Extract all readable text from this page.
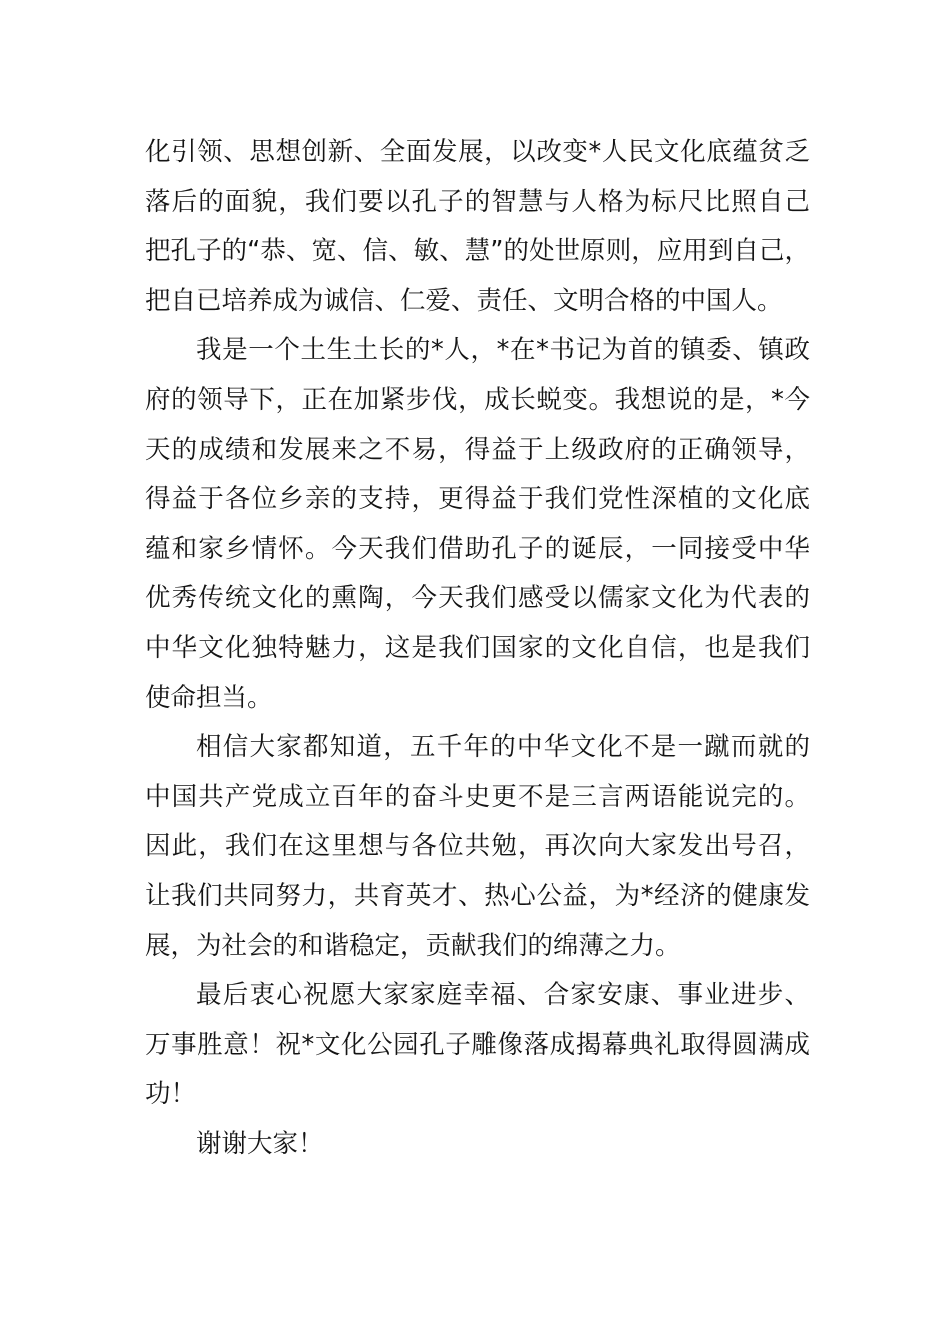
化引领、思想创新、全面发展，以改变*人民文化底蕴贫乏
落后的面貌，我们要以孔子的智慧与人格为标尺比照自己
把孔子的“恭、宽、信、敏、慧”的处世原则，应用到自己，
把自已培养成为诚信、仁爱、责任、文明合格的中国人。
我是一个土生土长的*人，*在*书记为首的镇委、镇政
府的领导下，正在加紧步伐，成长蜕变。我想说的是，*今
天的成绩和发展来之不易，得益于上级政府的正确领导，
得益于各位乡亲的支持，更得益于我们党性深植的文化底
蕴和家乡情怀。今天我们借助孔子的诞辰，一同接受中华
优秀传统文化的熏陶，今天我们感受以儒家文化为代表的
中华文化独特魅力，这是我们国家的文化自信，也是我们
使命担当。
相信大家都知道，五千年的中华文化不是一蹴而就的
中国共产党成立百年的奋斗史更不是三言两语能说完的。
因此，我们在这里想与各位共勉，再次向大家发出号召，
让我们共同努力，共育英才、热心公益，为*经济的健康发
展，为社会的和谐稳定，贡献我们的绵薄之力。
最后衷心祝愿大家家庭幸福、合家安康、事业进步、
万事胜意！祝*文化公园孔子雕像落成揭幕典礼取得圆满成
功！
谢谢大家！
